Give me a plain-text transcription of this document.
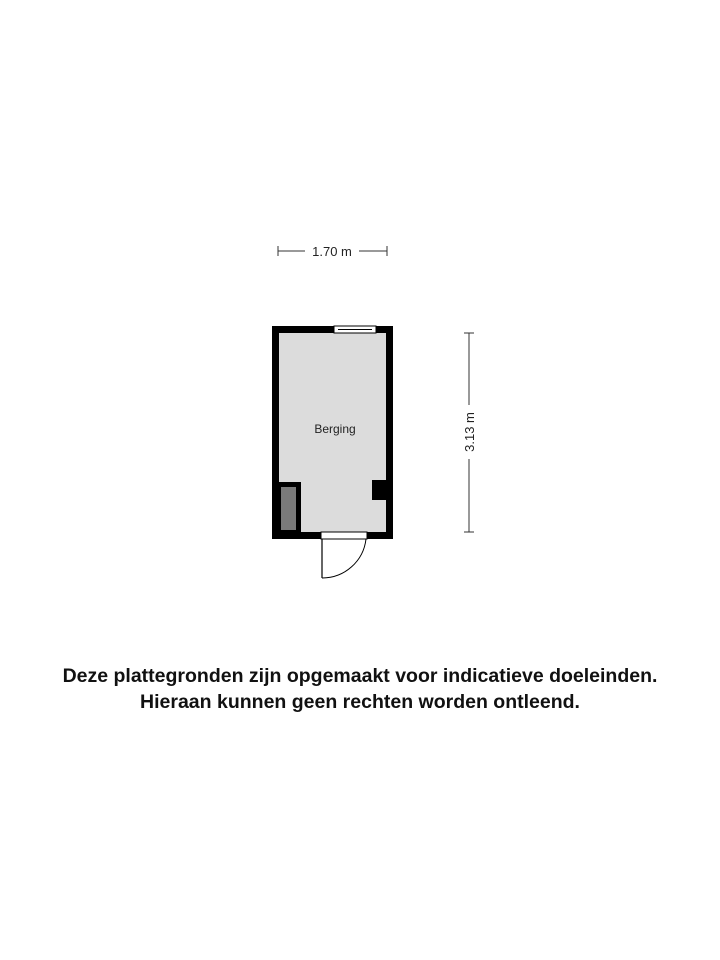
1.70 m
3.13 m
Berging
Deze plattegronden zijn opgemaakt voor indicatieve doeleinden.
Hieraan kunnen geen rechten worden ontleend.
